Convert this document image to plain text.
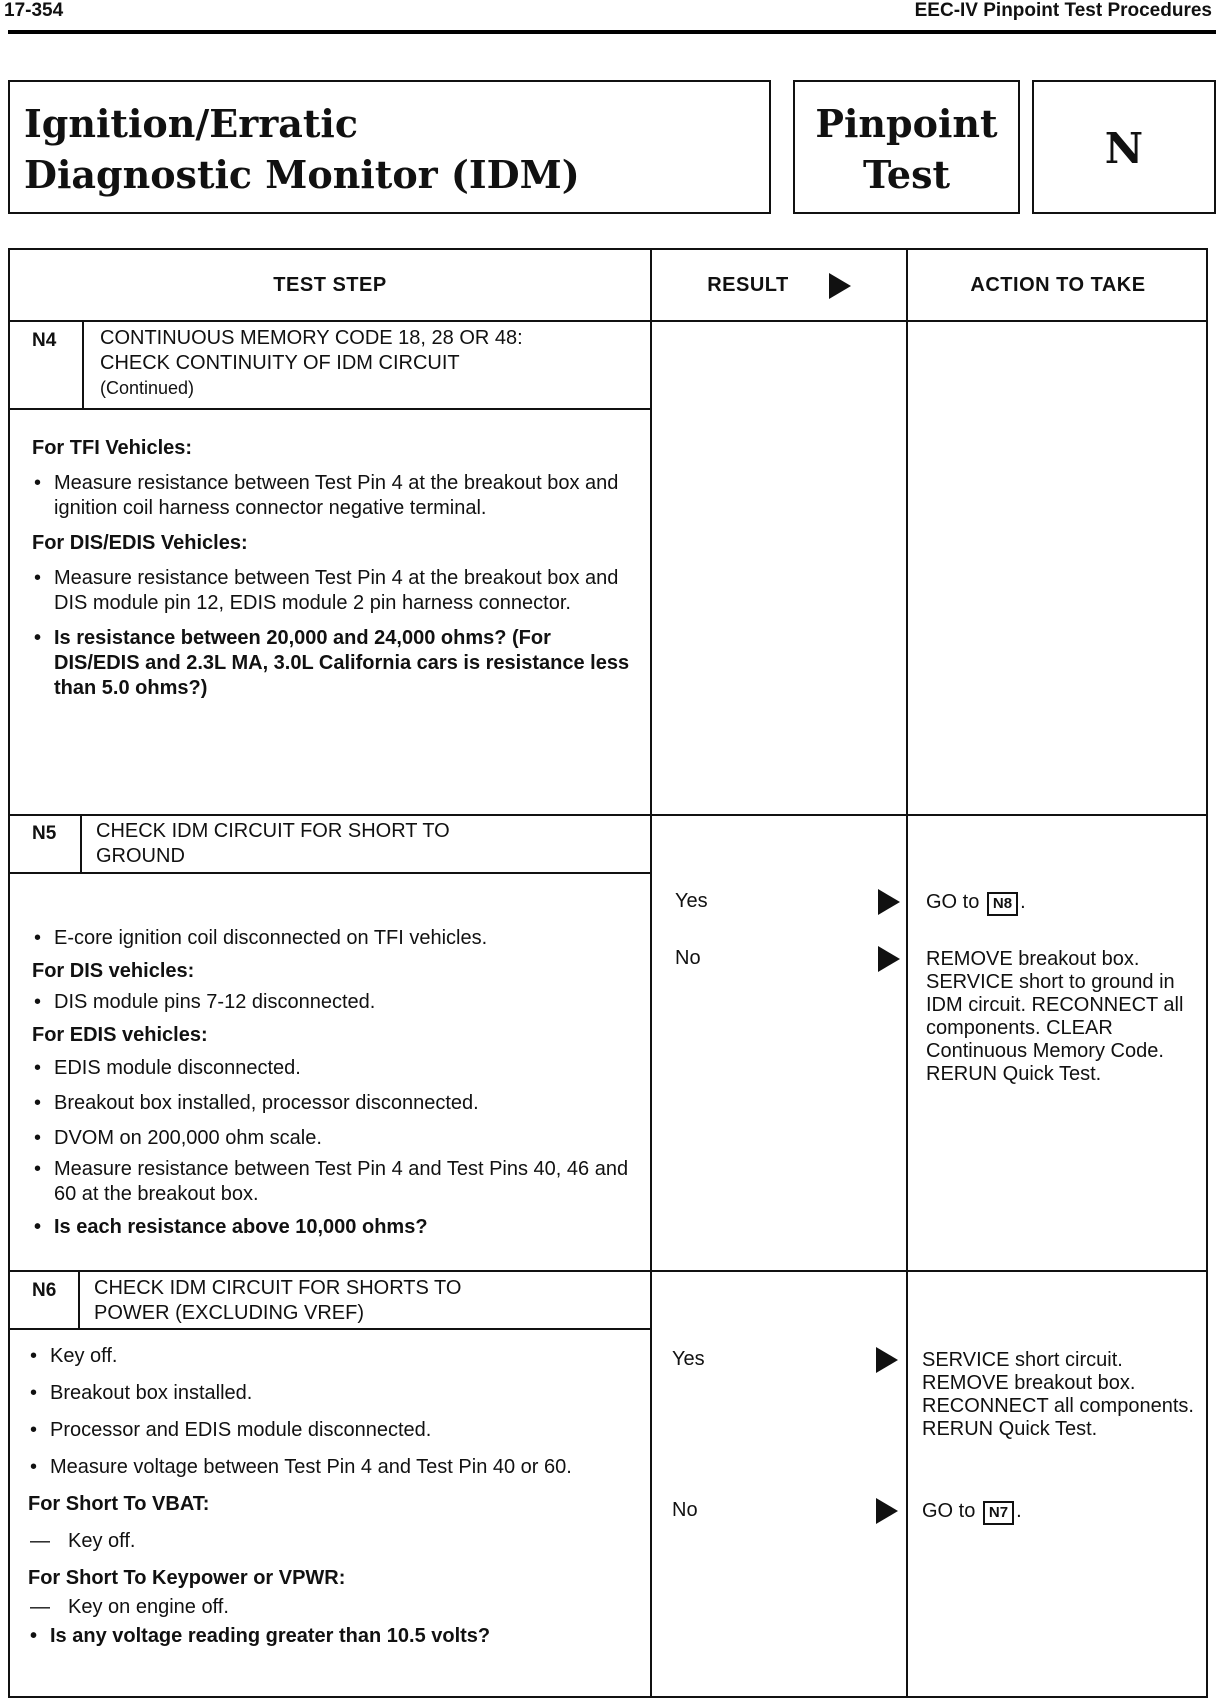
17-354	EEC-IV Pinpoint Test Procedures
Ignition/Erratic
Diagnostic Monitor (IDM)
Pinpoint
Test
N
TEST STEP	RESULT	ACTION TO TAKE
N4 CONTINUOUS MEMORY CODE 18, 28 OR 48:
CHECK CONTINUITY OF IDM CIRCUIT
(Continued)

For TFI Vehicles:

• Measure resistance between Test Pin 4 at the breakout box and ignition coil harness connector negative terminal.

For DIS/EDIS Vehicles:

• Measure resistance between Test Pin 4 at the breakout box and DIS module pin 12, EDIS module 2 pin harness connector.

• Is resistance between 20,000 and 24,000 ohms? (For DIS/EDIS and 2.3L MA, 3.0L California cars is resistance less than 5.0 ohms?)

N5 CHECK IDM CIRCUIT FOR SHORT TO
GROUND

• E-core ignition coil disconnected on TFI vehicles.

For DIS vehicles:

• DIS module pins 7-12 disconnected.

For EDIS vehicles:

• EDIS module disconnected.

• Breakout box installed, processor disconnected.

• DVOM on 200,000 ohm scale.

• Measure resistance between Test Pin 4 and Test Pins 40, 46 and 60 at the breakout box.

• Is each resistance above 10,000 ohms?

Yes	GO to N8 .
No	REMOVE breakout box. SERVICE short to ground in IDM circuit. RECONNECT all components. CLEAR Continuous Memory Code. RERUN Quick Test.
N6 CHECK IDM CIRCUIT FOR SHORTS TO
POWER (EXCLUDING VREF)

• Key off.

• Breakout box installed.

• Processor and EDIS module disconnected.

• Measure voltage between Test Pin 4 and Test Pin 40 or 60.

For Short To VBAT:

— Key off.

For Short To Keypower or VPWR:

— Key on engine off.

• Is any voltage reading greater than 10.5 volts?

Yes	SERVICE short circuit. REMOVE breakout box. RECONNECT all components. RERUN Quick Test.
No	GO to N7 .
